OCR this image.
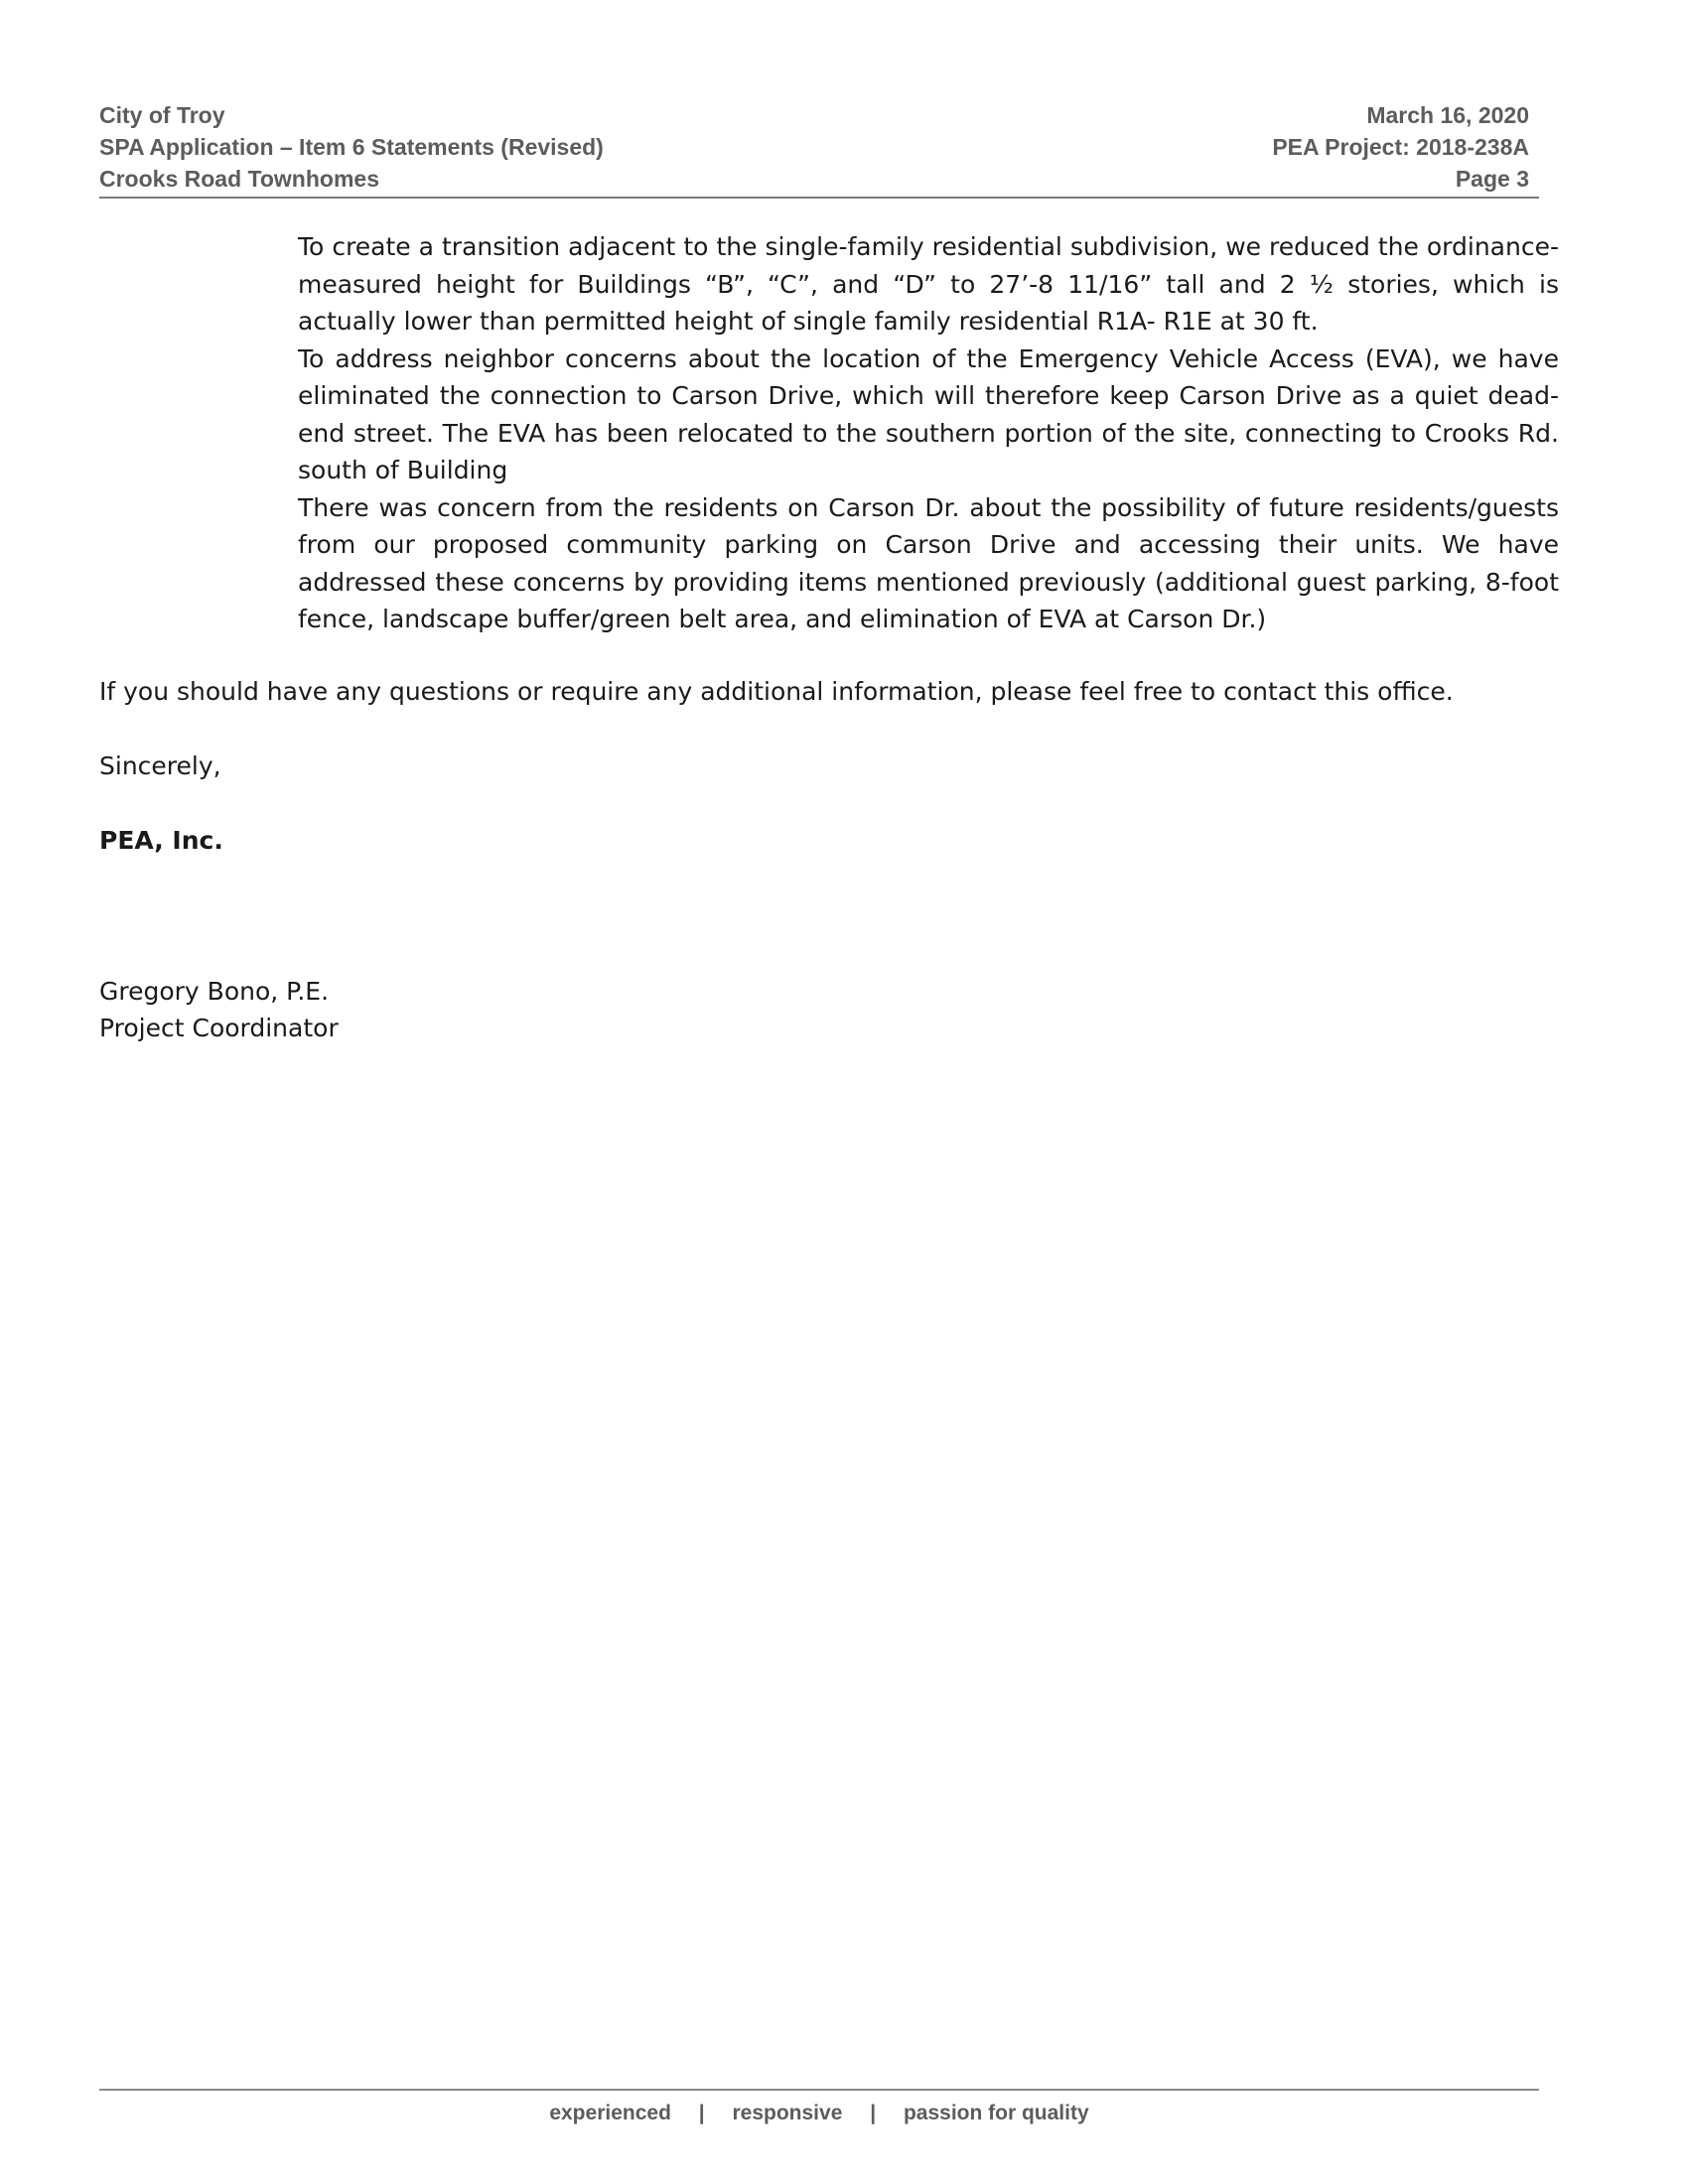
City of Troy
SPA Application – Item 6 Statements (Revised)
Crooks Road Townhomes
March 16, 2020
PEA Project: 2018-238A
Page 3

To create a transition adjacent to the single-family residential subdivision, we reduced the ordinance-measured height for Buildings “B”, “C”, and “D” to 27’-8 11/16” tall and 2 ½ stories, which is actually lower than permitted height of single family residential R1A- R1E at 30 ft.

To address neighbor concerns about the location of the Emergency Vehicle Access (EVA), we have eliminated the connection to Carson Drive, which will therefore keep Carson Drive as a quiet dead-end street. The EVA has been relocated to the southern portion of the site, connecting to Crooks Rd. south of Building

There was concern from the residents on Carson Dr. about the possibility of future residents/guests from our proposed community parking on Carson Drive and accessing their units. We have addressed these concerns by providing items mentioned previously (additional guest parking, 8-foot fence, landscape buffer/green belt area, and elimination of EVA at Carson Dr.)

If you should have any questions or require any additional information, please feel free to contact this office.
Sincerely,
PEA, Inc.
Gregory Bono, P.E.
Project Coordinator
experienced | responsive | passion for quality
